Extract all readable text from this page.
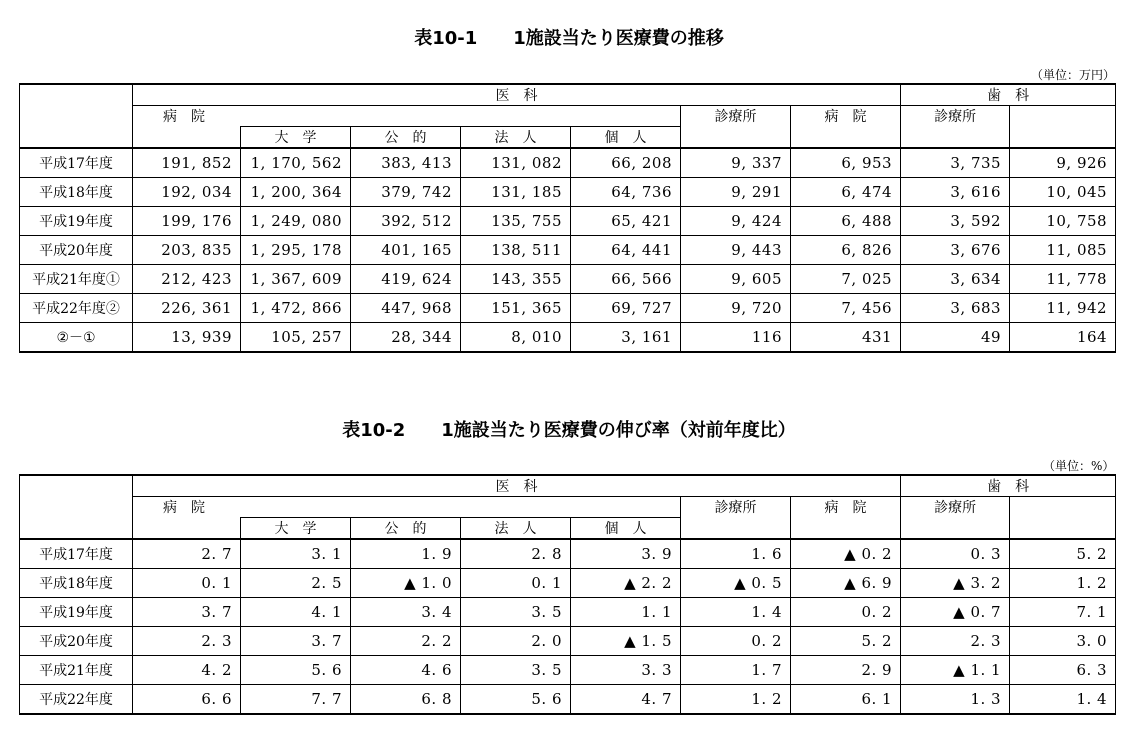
表10-1　　1施設当たり医療費の推移
（単位：万円）
	医　科							歯　科	
	病　院					診療所	病　院	診療所		
		大　学	公　的	法　人	個　人					
平成17年度	191, 852	1, 170, 562	383, 413	131, 082	66, 208	9, 337	6, 953	3, 735	9, 926	
平成18年度	192, 034	1, 200, 364	379, 742	131, 185	64, 736	9, 291	6, 474	3, 616	10, 045	
平成19年度	199, 176	1, 249, 080	392, 512	135, 755	65, 421	9, 424	6, 488	3, 592	10, 758	
平成20年度	203, 835	1, 295, 178	401, 165	138, 511	64, 441	9, 443	6, 826	3, 676	11, 085	
平成21年度①	212, 423	1, 367, 609	419, 624	143, 355	66, 566	9, 605	7, 025	3, 634	11, 778	
平成22年度②	226, 361	1, 472, 866	447, 968	151, 365	69, 727	9, 720	7, 456	3, 683	11, 942	
②－①	13, 939	105, 257	28, 344	8, 010	3, 161	116	431	49	164	
表10-2　　1施設当たり医療費の伸び率（対前年度比）
（単位：%）
	医　科							歯　科	
	病　院					診療所	病　院	診療所		
		大　学	公　的	法　人	個　人					
平成17年度	2. 7	3. 1	1. 9	2. 8	3. 9	1. 6	▲ 0. 2	0. 3	5. 2	
平成18年度	0. 1	2. 5	▲ 1. 0	0. 1	▲ 2. 2	▲ 0. 5	▲ 6. 9	▲ 3. 2	1. 2	
平成19年度	3. 7	4. 1	3. 4	3. 5	1. 1	1. 4	0. 2	▲ 0. 7	7. 1	
平成20年度	2. 3	3. 7	2. 2	2. 0	▲ 1. 5	0. 2	5. 2	2. 3	3. 0	
平成21年度	4. 2	5. 6	4. 6	3. 5	3. 3	1. 7	2. 9	▲ 1. 1	6. 3	
平成22年度	6. 6	7. 7	6. 8	5. 6	4. 7	1. 2	6. 1	1. 3	1. 4	
